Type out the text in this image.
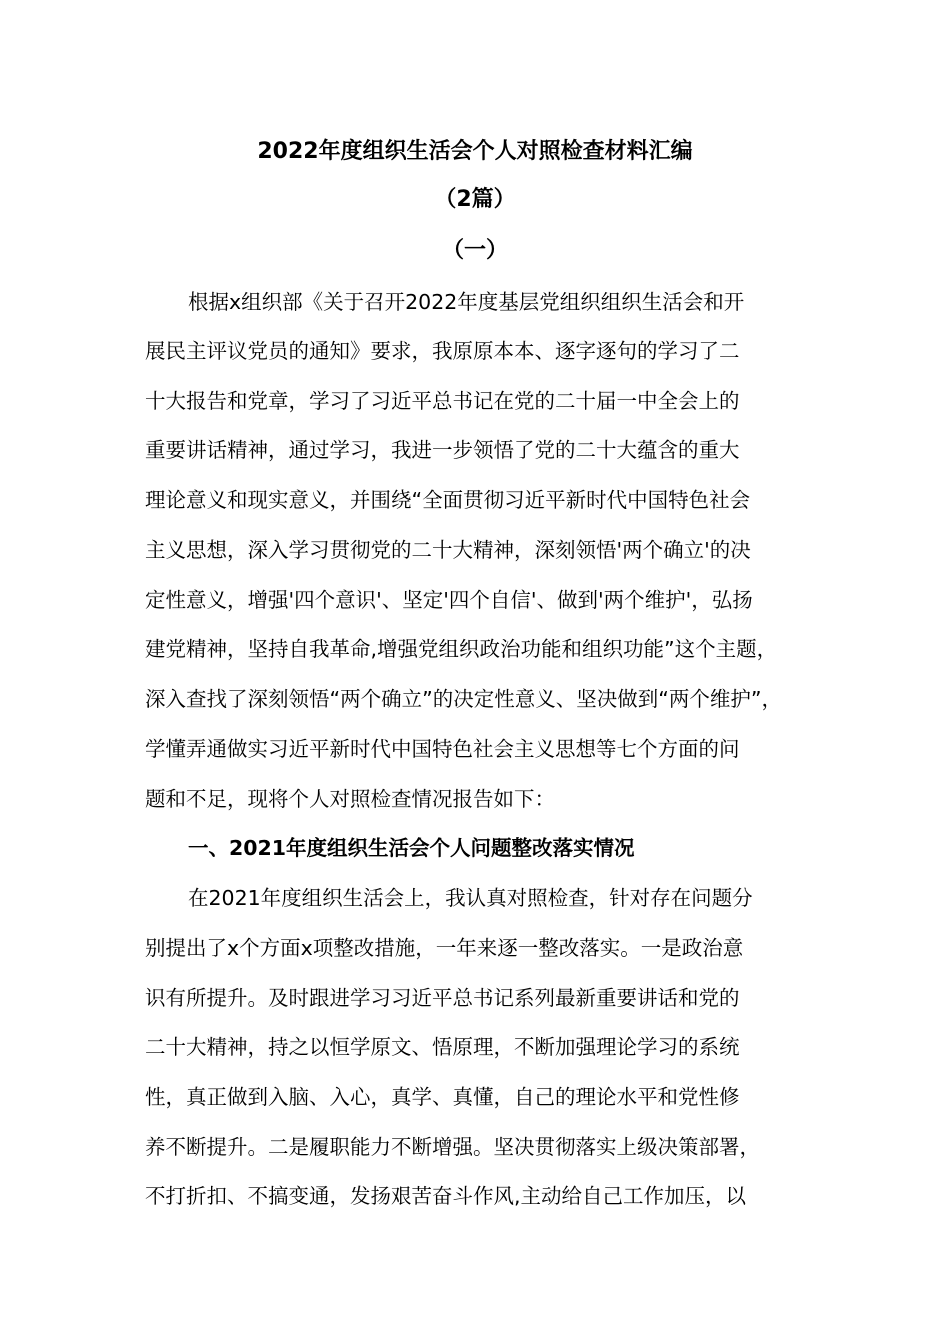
2022年度组织生活会个人对照检查材料汇编
（2篇）
（一）
根据x组织部《关于召开2022年度基层党组织组织生活会和开
展民主评议党员的通知》要求，我原原本本、逐字逐句的学习了二
十大报告和党章，学习了习近平总书记在党的二十届一中全会上的
重要讲话精神，通过学习，我进一步领悟了党的二十大蕴含的重大
理论意义和现实意义，并围绕“全面贯彻习近平新时代中国特色社会
主义思想，深入学习贯彻党的二十大精神，深刻领悟'两个确立'的决
定性意义，增强'四个意识'、坚定'四个自信'、做到'两个维护'，弘扬
建党精神，坚持自我革命,增强党组织政治功能和组织功能”这个主题，
深入查找了深刻领悟“两个确立”的决定性意义、坚决做到“两个维护”，
学懂弄通做实习近平新时代中国特色社会主义思想等七个方面的问
题和不足，现将个人对照检查情况报告如下：
一、2021年度组织生活会个人问题整改落实情况
在2021年度组织生活会上，我认真对照检查，针对存在问题分
别提出了x个方面x项整改措施，一年来逐一整改落实。一是政治意
识有所提升。及时跟进学习习近平总书记系列最新重要讲话和党的
二十大精神，持之以恒学原文、悟原理，不断加强理论学习的系统
性，真正做到入脑、入心，真学、真懂，自己的理论水平和党性修
养不断提升。二是履职能力不断增强。坚决贯彻落实上级决策部署，
不打折扣、不搞变通，发扬艰苦奋斗作风,主动给自己工作加压，以
